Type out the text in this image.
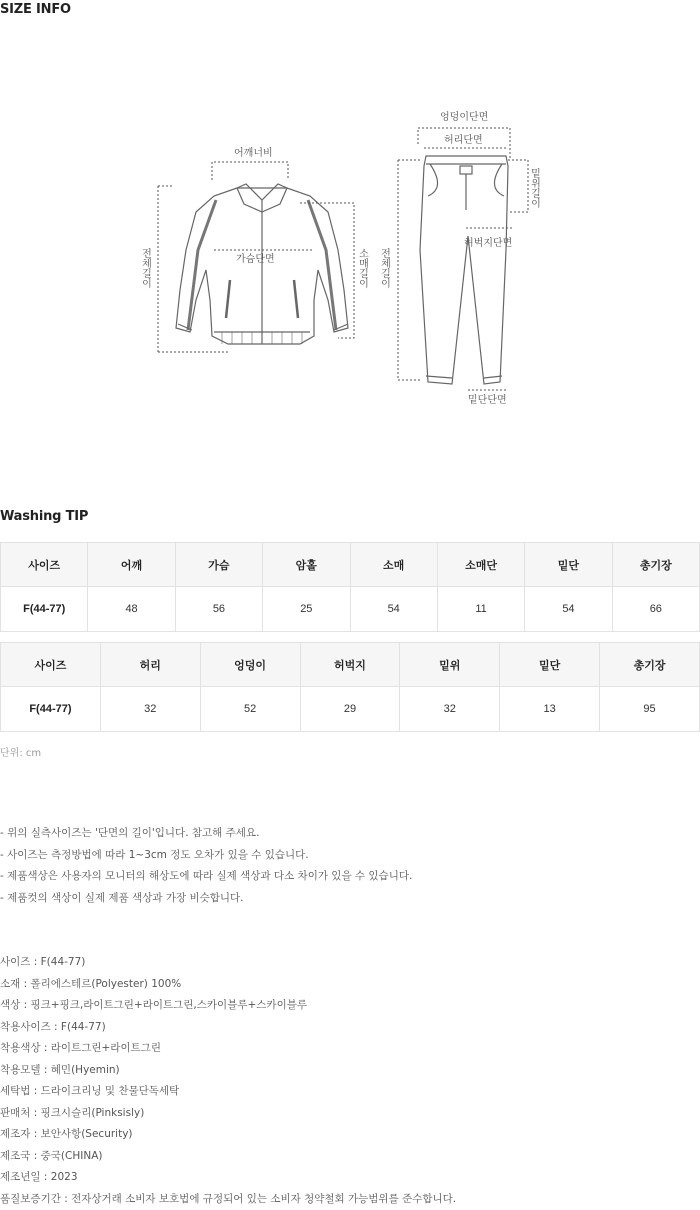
SIZE INFO
어깨너비
가슴단면
전체길이	소매길이
엉덩이단면
허리단면
밑위길이
허벅지단면
전체길이
밑단단면
Washing TIP
사이즈	어깨	가슴	암홀	소매	소매단	밑단	총기장
F(44-77)	48	56	25	54	11	54	66
사이즈	허리	엉덩이	허벅지	밑위	밑단	총기장
F(44-77)	32	52	29	32	13	95
단위: cm
- 위의 실측사이즈는 '단면의 길이'입니다. 참고해 주세요.
- 사이즈는 측정방법에 따라 1~3cm 정도 오차가 있을 수 있습니다.
- 제품색상은 사용자의 모니터의 해상도에 따라 실제 색상과 다소 차이가 있을 수 있습니다.
- 제품컷의 색상이 실제 제품 색상과 가장 비슷합니다.
사이즈 : F(44-77)
소재 : 폴리에스테르(Polyester) 100%
색상 : 핑크+핑크,라이트그린+라이트그린,스카이블루+스카이블루
착용사이즈 : F(44-77)
착용색상 : 라이트그린+라이트그린
착용모델 : 혜민(Hyemin)
세탁법 : 드라이크리닝 및 찬물단독세탁
판매처 : 핑크시슬리(Pinksisly)
제조자 : 보안사항(Security)
제조국 : 중국(CHINA)
제조년일 : 2023
품질보증기간 : 전자상거래 소비자 보호법에 규정되어 있는 소비자 청약철회 가능범위를 준수합니다.
